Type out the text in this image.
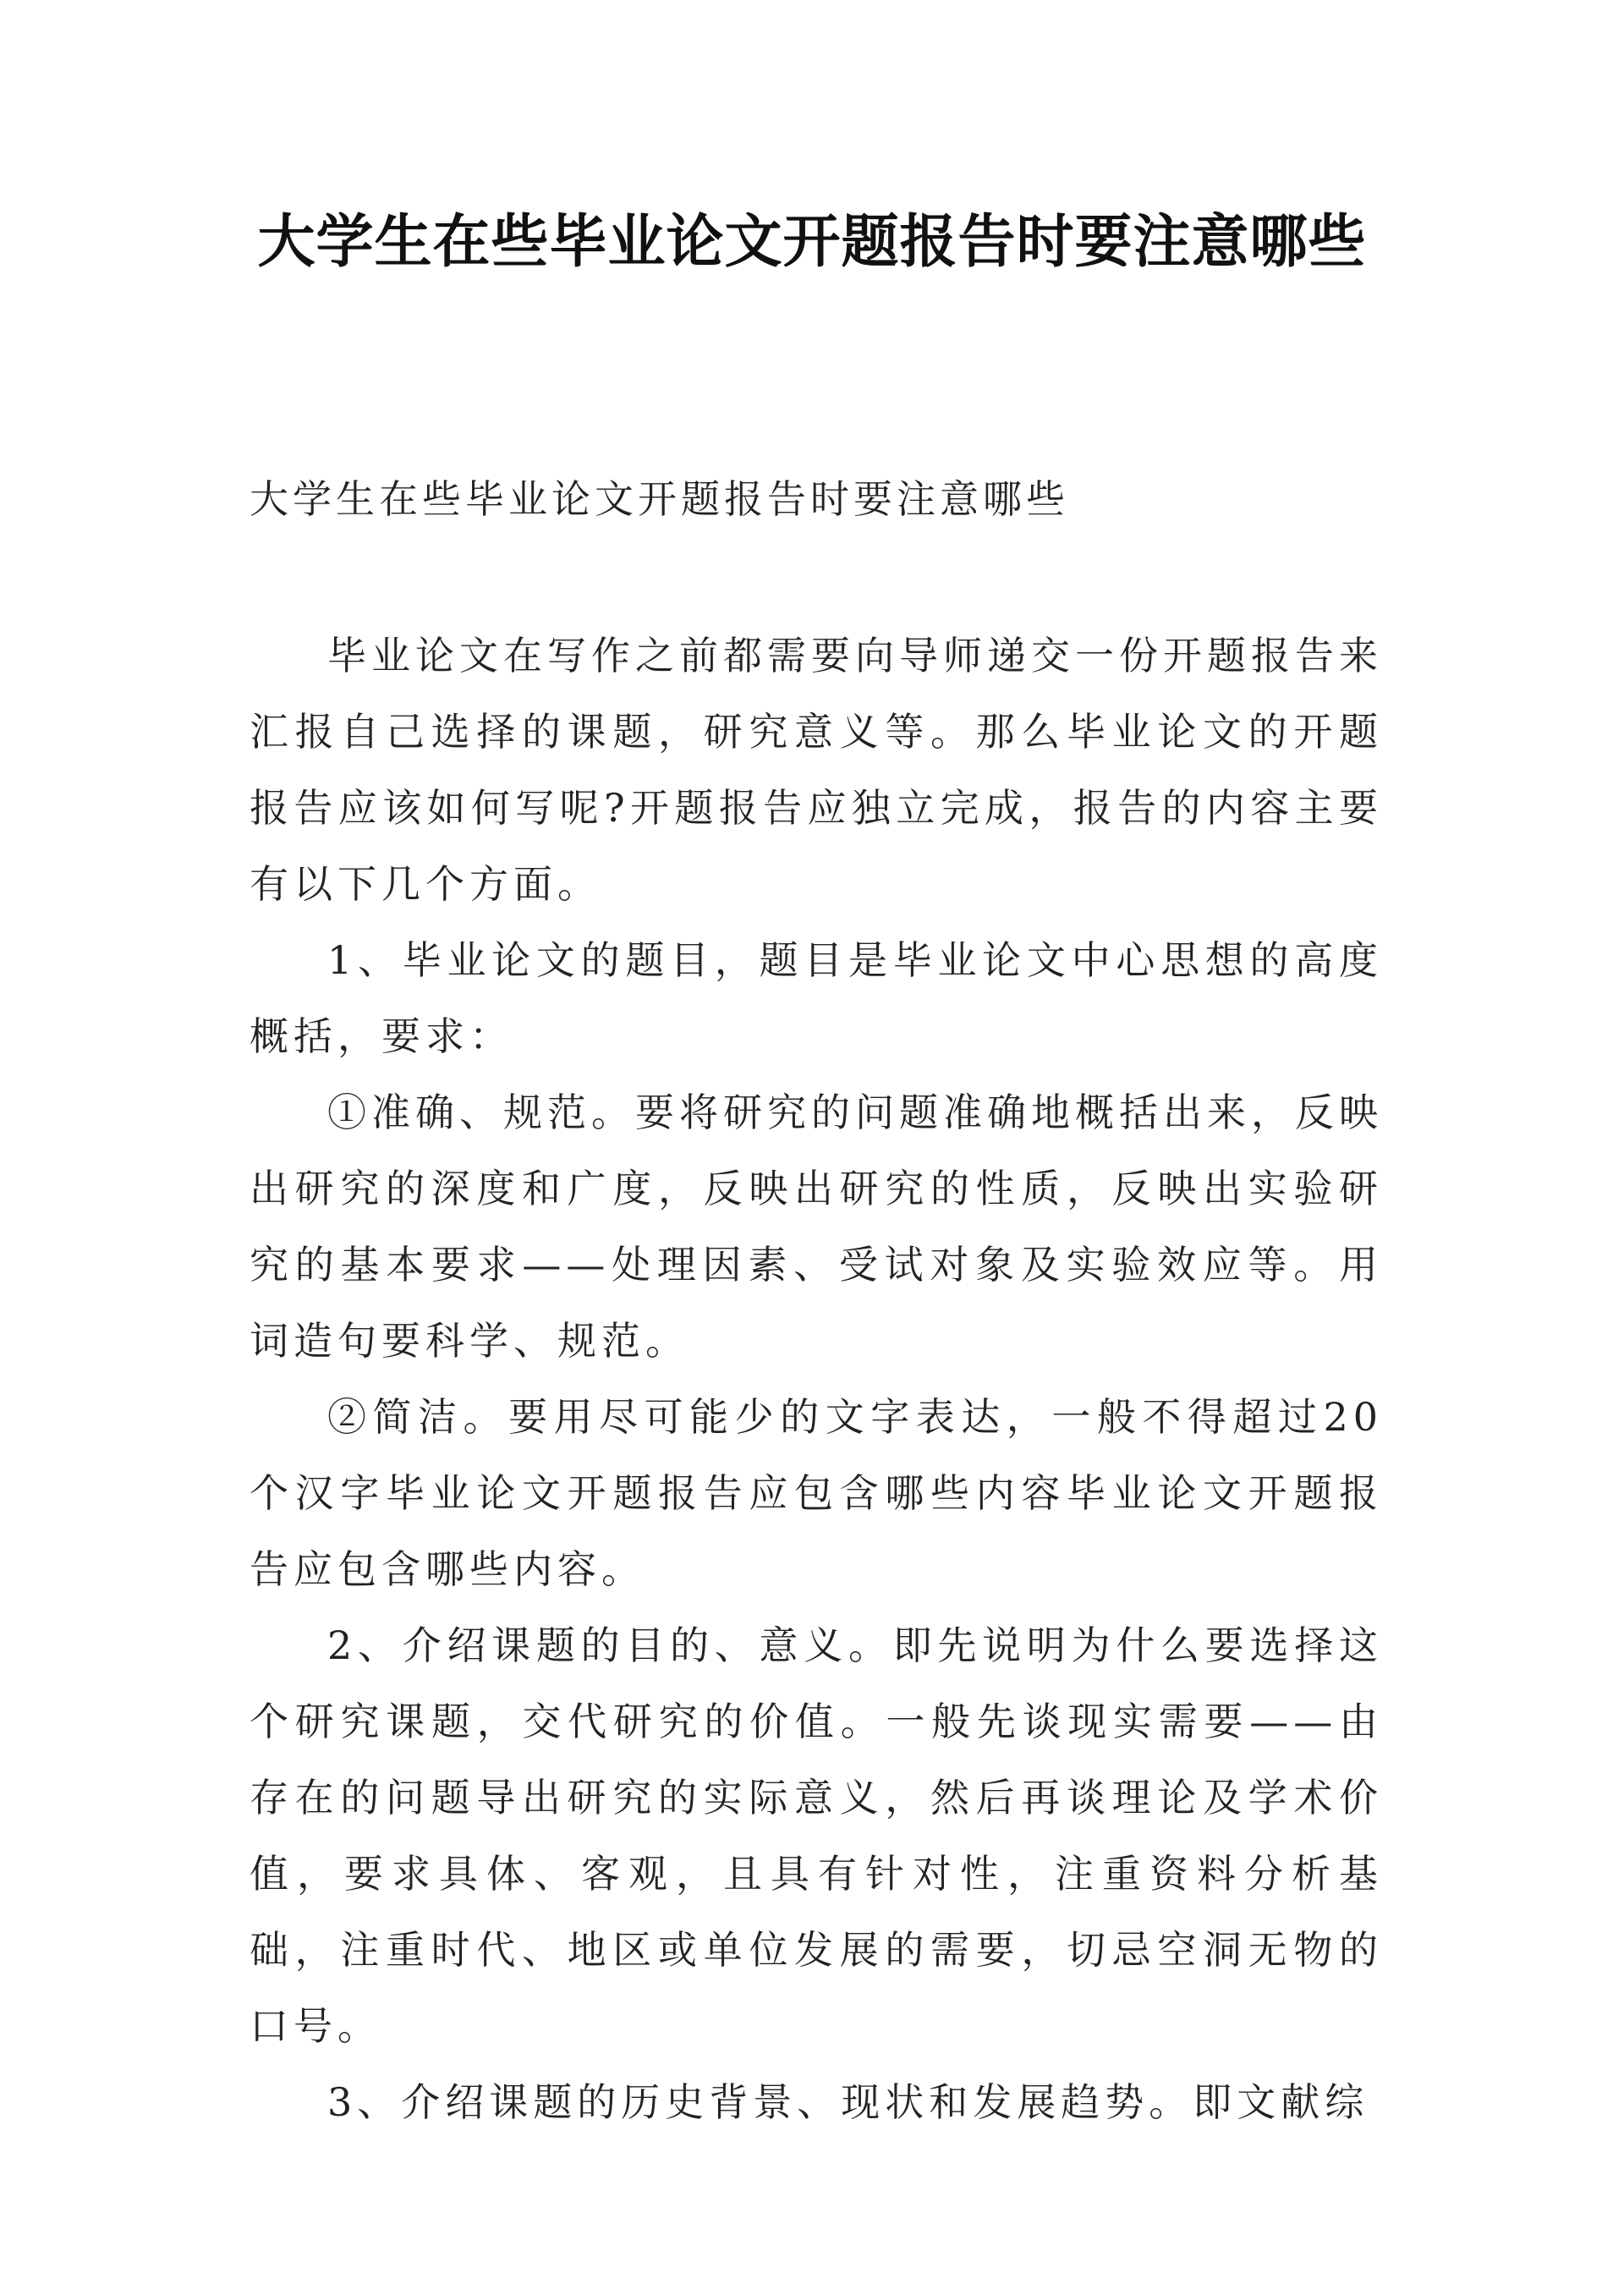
大学生在些毕业论文开题报告时要注意哪些

大学生在些毕业论文开题报告时要注意哪些

毕业论文在写作之前都需要向导师递交一份开题报告来汇报自己选择的课题，研究意义等。那么毕业论文的开题报告应该如何写呢?开题报告应独立完成，报告的内容主要有以下几个方面。

1、毕业论文的题目，题目是毕业论文中心思想的高度概括，要求：

①准确、规范。要将研究的问题准确地概括出来，反映出研究的深度和广度，反映出研究的性质，反映出实验研究的基本要求——处理因素、受试对象及实验效应等。用词造句要科学、规范。

②简洁。要用尽可能少的文字表达，一般不得超过20个汉字毕业论文开题报告应包含哪些内容毕业论文开题报告应包含哪些内容。

2、介绍课题的目的、意义。即先说明为什么要选择这个研究课题，交代研究的价值。一般先谈现实需要——由存在的问题导出研究的实际意义，然后再谈理论及学术价值，要求具体、客观，且具有针对性，注重资料分析基础，注重时代、地区或单位发展的需要，切忌空洞无物的口号。

3、介绍课题的历史背景、现状和发展趋势。即文献综
